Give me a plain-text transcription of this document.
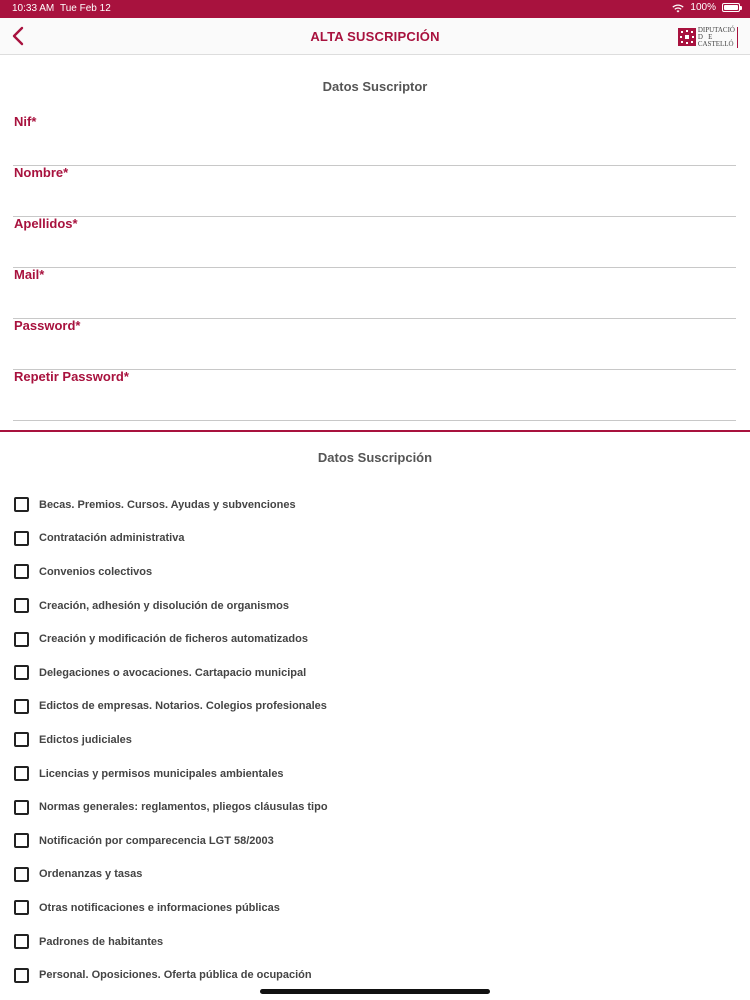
10:33 AM Tue Feb 12	100%
ALTA SUSCRIPCIÓN	DIPUTACIÓ
D   E
CASTELLÓ
Datos Suscriptor
Nif*
Nombre*
Apellidos*
Mail*
Password*
Repetir Password*
Datos Suscripción
Becas. Premios. Cursos. Ayudas y subvenciones
Contratación administrativa
Convenios colectivos
Creación, adhesión y disolución de organismos
Creación y modificación de ficheros automatizados
Delegaciones o avocaciones. Cartapacio municipal
Edictos de empresas. Notarios. Colegios profesionales
Edictos judiciales
Licencias y permisos municipales ambientales
Normas generales: reglamentos, pliegos cláusulas tipo
Notificación por comparecencia LGT 58/2003
Ordenanzas y tasas
Otras notificaciones e informaciones públicas
Padrones de habitantes
Personal. Oposiciones. Oferta pública de ocupación
